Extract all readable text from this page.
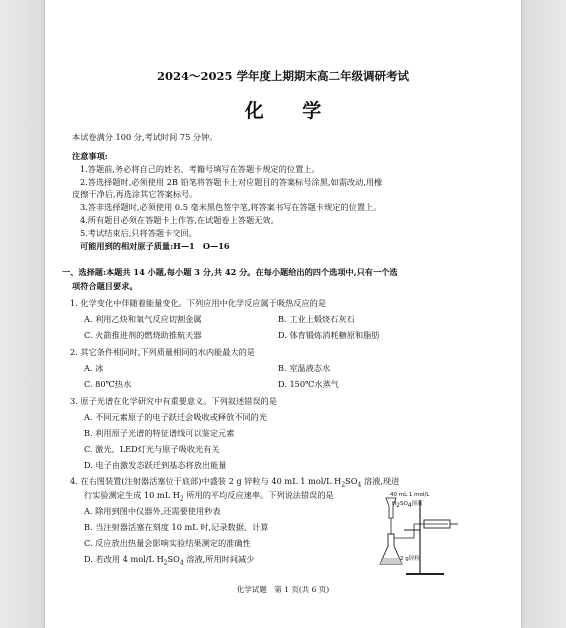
2024～2025 学年度上期期末高二年级调研考试
化 学
本试卷满分 100 分,考试时间 75 分钟。
注意事项:
1.答题前,务必将自己的姓名、考籍号填写在答题卡规定的位置上。
2.答选择题时,必须使用 2B 铅笔将答题卡上对应题目的答案标号涂黑,如需改动,用橡
皮擦干净后,再选涂其它答案标号。
3.答非选择题时,必须使用 0.5 毫米黑色签字笔,将答案书写在答题卡规定的位置上。
4.所有题目必须在答题卡上作答,在试题卷上答题无效。
5.考试结束后,只将答题卡交回。
可能用到的相对原子质量:H—1　O—16
一、选择题:本题共 14 小题,每小题 3 分,共 42 分。在每小题给出的四个选项中,只有一个选
项符合题目要求。
1. 化学变化中伴随着能量变化。下列应用中化学反应属于吸热反应的是
A. 利用乙炔和氧气反应切割金属	B. 工业上煅烧石灰石
C. 火箭推进剂的燃烧助推航天器	D. 体育锻炼消耗糖原和脂肪
2. 其它条件相同时,下列质量相同的水内能最大的是
A. 冰	B. 室温液态水
C. 80℃热水	D. 150℃水蒸气
3. 原子光谱在化学研究中有重要意义。下列叙述错误的是
A. 不同元素原子的电子跃迁会吸收或释放不同的光
B. 利用原子光谱的特征谱线可以鉴定元素
C. 激光、LED灯光与原子吸收光有关
D. 电子由激发态跃迁到基态将放出能量
4. 在右图装置(注射器活塞位于底部)中盛装 2 g 锌粒与 40 mL 1 mol/L $H_2SO_4$ 溶液,现进
行实验测定生成 10 mL $H_2$ 所用的平均反应速率。下列说法错误的是
A. 除用到图中仪器外,还需要使用秒表
B. 当注射器活塞在刻度 10 mL 时,记录数据、计算
C. 反应放出热量会影响实验结果测定的准确性
D. 若改用 4 mol/L $H_2SO_4$ 溶液,所用时间减少
40 mL 1 mol/L
$H_2SO_4$溶液
2 g锌粒
化学试题　第 1 页(共 6 页)
